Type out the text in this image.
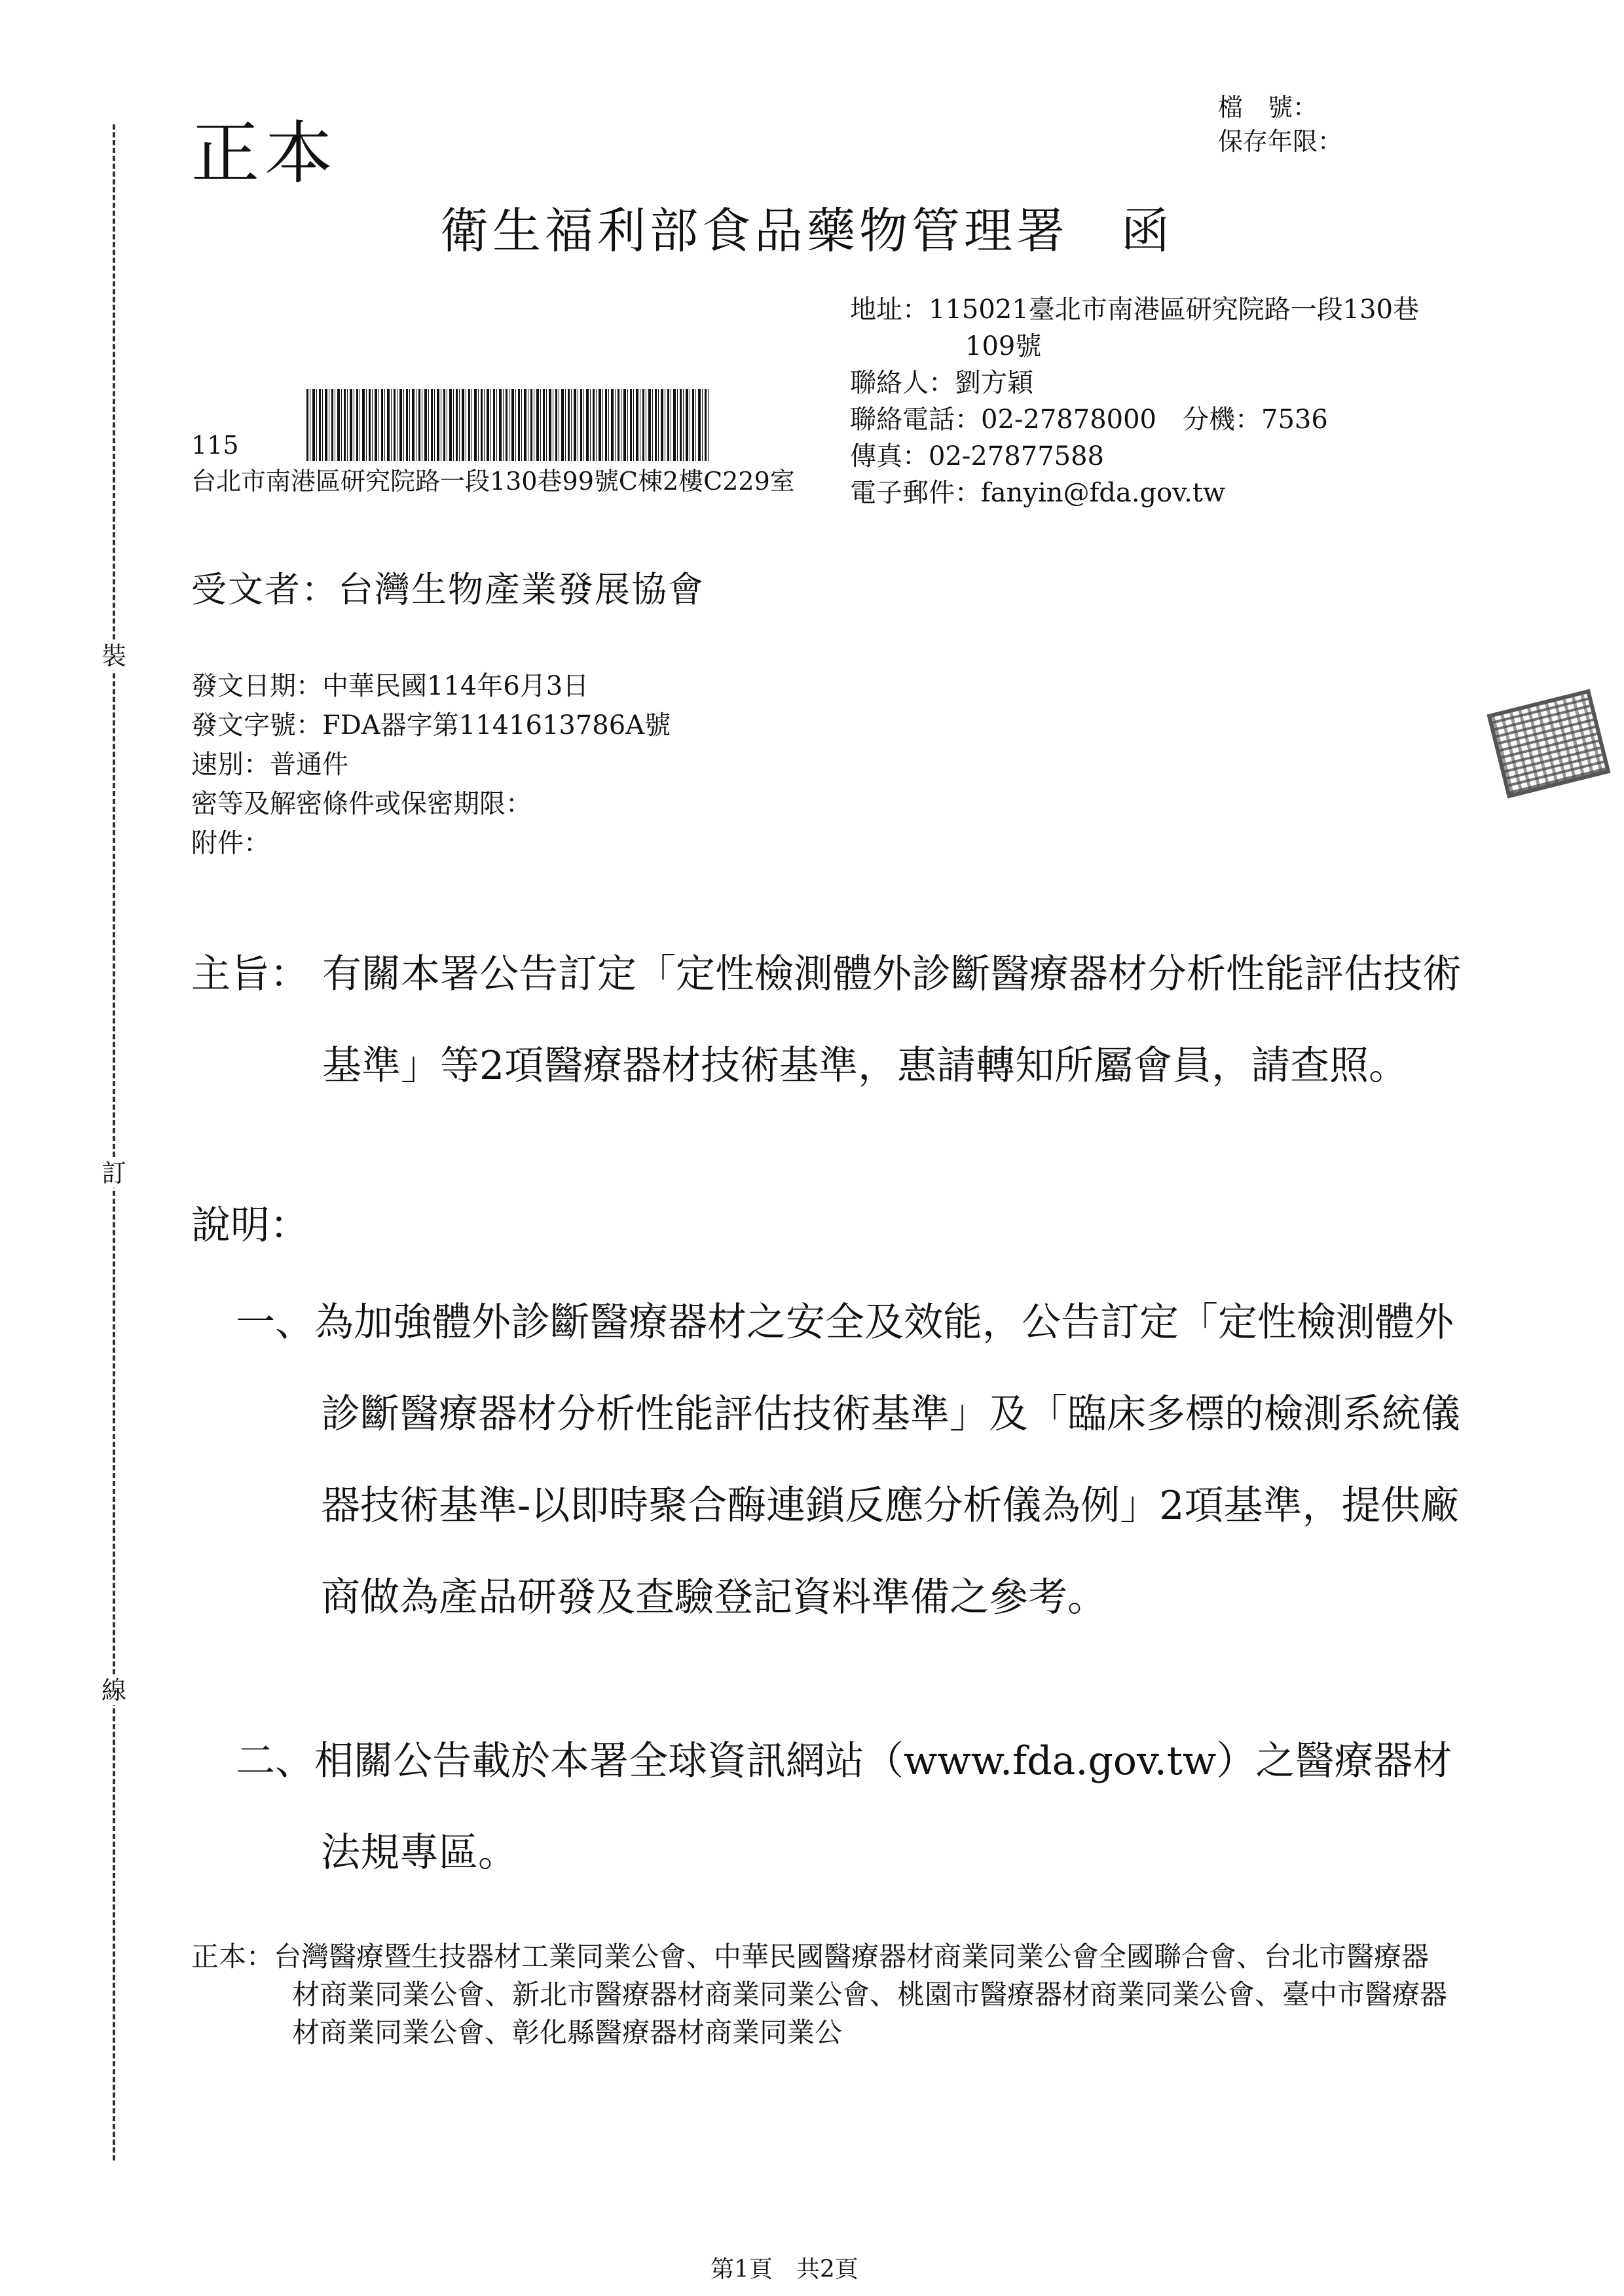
裝
訂
線
正本
檔　號：
保存年限：
衛生福利部食品藥物管理署　函
地址：115021臺北市南港區研究院路一段130巷
109號
聯絡人：劉方穎
聯絡電話：02-27878000　分機：7536
傳真：02-27877588
電子郵件：fanyin@fda.gov.tw
115
台北市南港區研究院路一段130巷99號C棟2樓C229室
受文者：台灣生物產業發展協會
發文日期：中華民國114年6月3日
發文字號：FDA器字第1141613786A號
速別：普通件
密等及解密條件或保密期限：
附件：
主旨： 有關本署公告訂定「定性檢測體外診斷醫療器材分析性能評估技術基準」等2項醫療器材技術基準，惠請轉知所屬會員，請查照。
說明：
一、為加強體外診斷醫療器材之安全及效能，公告訂定「定性檢測體外診斷醫療器材分析性能評估技術基準」及「臨床多標的檢測系統儀器技術基準-以即時聚合酶連鎖反應分析儀為例」2項基準，提供廠商做為產品研發及查驗登記資料準備之參考。
二、相關公告載於本署全球資訊網站（www.fda.gov.tw）之醫療器材法規專區。
正本：台灣醫療暨生技器材工業同業公會、中華民國醫療器材商業同業公會全國聯合會、台北市醫療器材商業同業公會、新北市醫療器材商業同業公會、桃園市醫療器材商業同業公會、臺中市醫療器材商業同業公會、彰化縣醫療器材商業同業公
第1頁　共2頁
